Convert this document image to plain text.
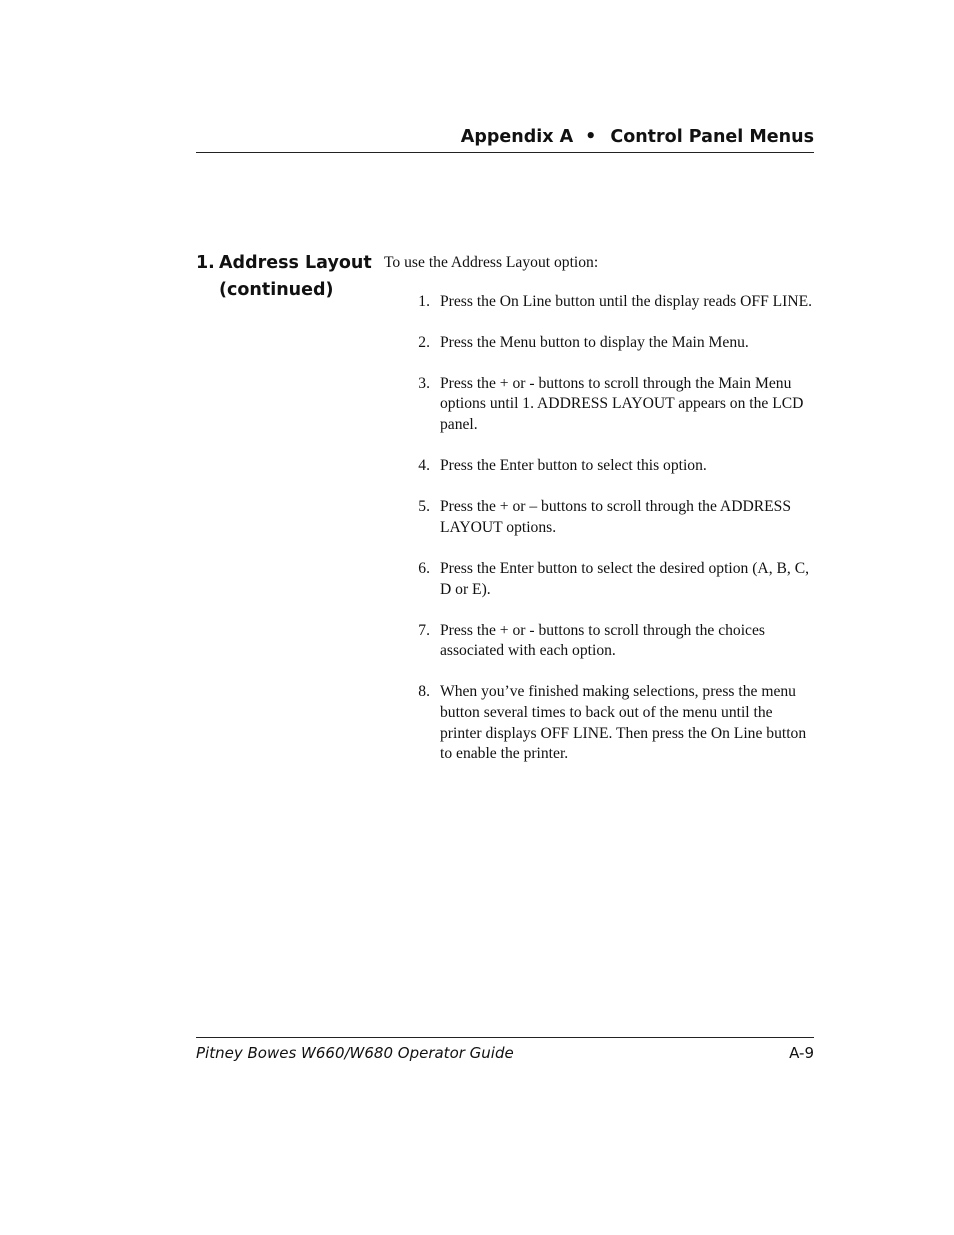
Appendix A • Control Panel Menus
1. Address Layout
(continued)

To use the Address Layout option:

1. Press the On Line button until the display reads OFF LINE.
2. Press the Menu button to display the Main Menu.
3. Press the + or - buttons to scroll through the Main Menu options until 1. ADDRESS LAYOUT appears on the LCD panel.
4. Press the Enter button to select this option.
5. Press the + or – buttons to scroll through the ADDRESS LAYOUT options.
6. Press the Enter button to select the desired option (A, B, C, D or E).
7. Press the + or - buttons to scroll through the choices associated with each option.
8. When you’ve finished making selections, press the menu button several times to back out of the menu until the printer displays OFF LINE. Then press the On Line button to enable the printer.
Pitney Bowes W660/W680 Operator Guide	A-9
